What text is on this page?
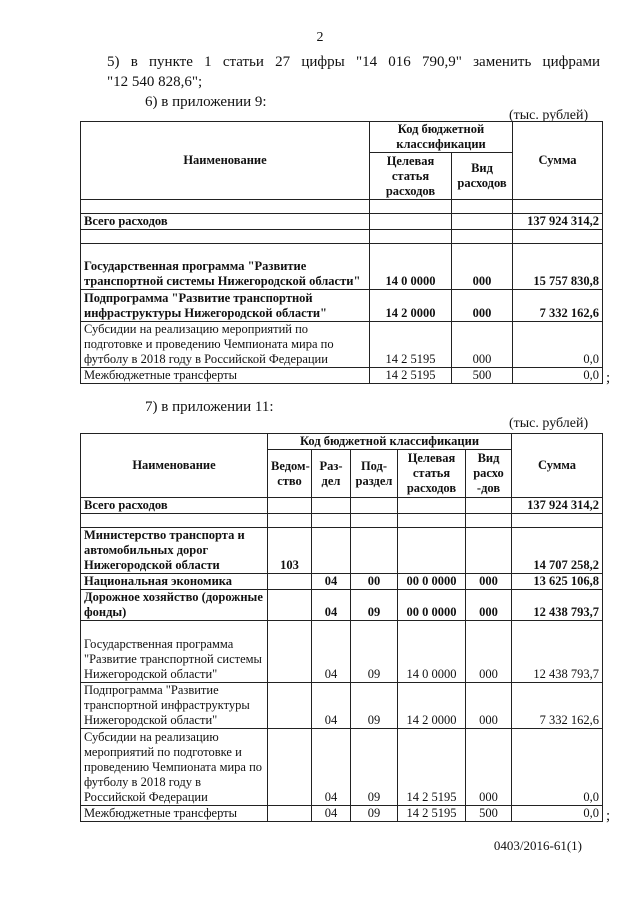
2
5) в пункте 1 статьи 27 цифры "14 016 790,9" заменить цифрами
"12 540 828,6";
6) в приложении 9:
(тыс. рублей)
Наименование	Код бюджетной классификации		Сумма
	Целевая статья расходов	Вид расходов	

Всего расходов			137 924 314,2

Государственная программа "Развитие транспортной системы Нижегородской области"	14 0 0000	000	15 757 830,8
Подпрограмма "Развитие транспортной инфраструктуры Нижегородской области"	14 2 0000	000	7 332 162,6
Субсидии на реализацию мероприятий по подготовке и проведению Чемпионата мира по футболу в 2018 году в Российской Федерации	14 2 5195	000	0,0
Межбюджетные трансферты	14 2 5195	500	0,0 ;
7) в приложении 11:
(тыс. рублей)
Наименование	Код бюджетной классификации					Сумма
	Ведом-ство	Раз-дел	Под-раздел	Целевая статья расходов	Вид расхо -дов	
Всего расходов						137 924 314,2

Министерство транспорта и автомобильных дорог Нижегородской области	103					14 707 258,2
Национальная экономика		04	00	00 0 0000	000	13 625 106,8
Дорожное хозяйство (дорожные фонды)		04	09	00 0 0000	000	12 438 793,7
Государственная программа "Развитие транспортной системы Нижегородской области"		04	09	14 0 0000	000	12 438 793,7
Подпрограмма "Развитие транспортной инфраструктуры Нижегородской области"		04	09	14 2 0000	000	7 332 162,6
Субсидии на реализацию мероприятий по подготовке и проведению Чемпионата мира по футболу в 2018 году в Российской Федерации		04	09	14 2 5195	000	0,0
Межбюджетные трансферты		04	09	14 2 5195	500	0,0 ;
0403/2016-61(1)
